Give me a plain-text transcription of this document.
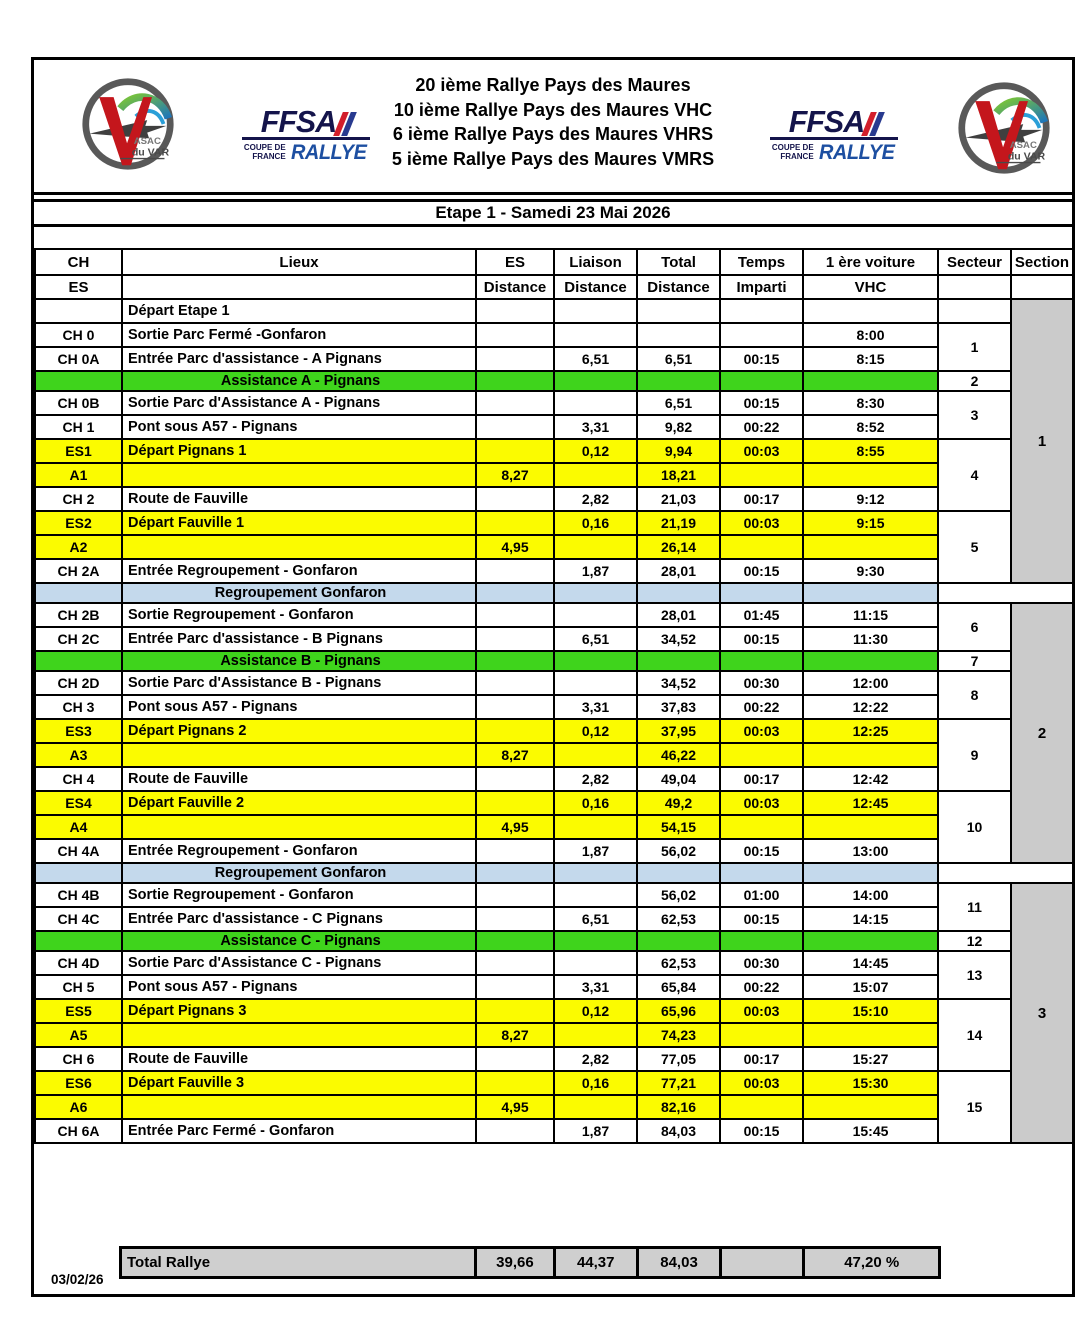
ASAC
du VAR
FFSA
COUPE DE
FRANCE RALLYE
20 ième Rallye Pays des Maures
10 ième Rallye Pays des Maures VHC
6 ième Rallye Pays des Maures VHRS
5 ième Rallye Pays des Maures VMRS
FFSA
COUPE DE
FRANCE RALLYE	ASAC
du VAR
Etape 1 - Samedi 23 Mai 2026
CH	Lieux	ES	Liaison	Total	Temps	1 ère voiture	Secteur	Section
ES		Distance	Distance	Distance	Imparti	VHC		
	Départ Etape 1							1
CH 0	Sortie Parc Fermé -Gonfaron					8:00	1	
CH 0A	Entrée Parc d'assistance - A Pignans		6,51	6,51	00:15	8:15		
	Assistance A - Pignans						2	
CH 0B	Sortie Parc d'Assistance A - Pignans			6,51	00:15	8:30	3	
CH 1	Pont sous A57 - Pignans		3,31	9,82	00:22	8:52		
ES1	Départ Pignans 1		0,12	9,94	00:03	8:55	4	
A1		8,27		18,21				
CH 2	Route de Fauville		2,82	21,03	00:17	9:12		
ES2	Départ Fauville 1		0,16	21,19	00:03	9:15	5	
A2		4,95		26,14				
CH 2A	Entrée Regroupement - Gonfaron		1,87	28,01	00:15	9:30		
	Regroupement Gonfaron							
CH 2B	Sortie Regroupement - Gonfaron			28,01	01:45	11:15	6	2
CH 2C	Entrée Parc d'assistance - B Pignans		6,51	34,52	00:15	11:30		
	Assistance B - Pignans						7	
CH 2D	Sortie Parc d'Assistance B - Pignans			34,52	00:30	12:00	8	
CH 3	Pont sous A57 - Pignans		3,31	37,83	00:22	12:22		
ES3	Départ Pignans 2		0,12	37,95	00:03	12:25	9	
A3		8,27		46,22				
CH 4	Route de Fauville		2,82	49,04	00:17	12:42		
ES4	Départ Fauville 2		0,16	49,2	00:03	12:45	10	
A4		4,95		54,15				
CH 4A	Entrée Regroupement - Gonfaron		1,87	56,02	00:15	13:00		
	Regroupement Gonfaron							
CH 4B	Sortie Regroupement - Gonfaron			56,02	01:00	14:00	11	3
CH 4C	Entrée Parc d'assistance - C Pignans		6,51	62,53	00:15	14:15		
	Assistance C - Pignans						12	
CH 4D	Sortie Parc d'Assistance C - Pignans			62,53	00:30	14:45	13	
CH 5	Pont sous A57 - Pignans		3,31	65,84	00:22	15:07		
ES5	Départ Pignans 3		0,12	65,96	00:03	15:10	14	
A5		8,27		74,23				
CH 6	Route de Fauville		2,82	77,05	00:17	15:27		
ES6	Départ Fauville 3		0,16	77,21	00:03	15:30	15	
A6		4,95		82,16				
CH 6A	Entrée Parc Fermé - Gonfaron		1,87	84,03	00:15	15:45		
Total Rallye	39,66	44,37	84,03		47,20 %
03/02/26
